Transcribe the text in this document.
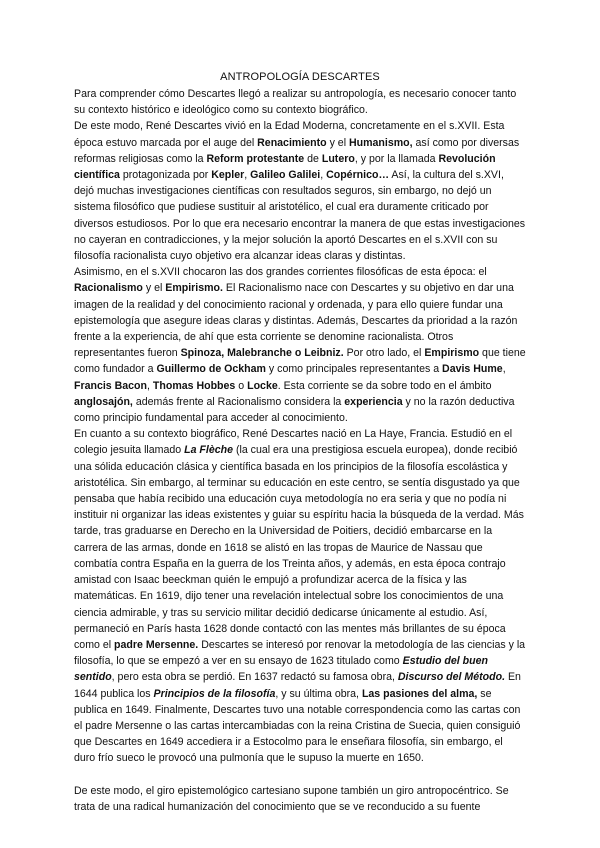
ANTROPOLOGÍA DESCARTES

Para comprender cómo Descartes llegó a realizar su antropología, es necesario conocer tanto su contexto histórico e ideológico como su contexto biográfico.

De este modo, René Descartes vivió en la Edad Moderna, concretamente en el s.XVII. Esta época estuvo marcada por el auge del Renacimiento y el Humanismo, así como por diversas reformas religiosas como la Reform protestante de Lutero, y por la llamada Revolución científica protagonizada por Kepler, Galileo Galilei, Copérnico… Así, la cultura del s.XVI, dejó muchas investigaciones científicas con resultados seguros, sin embargo, no dejó un sistema filosófico que pudiese sustituir al aristotélico, el cual era duramente criticado por diversos estudiosos. Por lo que era necesario encontrar la manera de que estas investigaciones no cayeran en contradicciones, y la mejor solución la aportó Descartes en el s.XVII con su filosofía racionalista cuyo objetivo era alcanzar ideas claras y distintas.

Asimismo, en el s.XVII chocaron las dos grandes corrientes filosóficas de esta época: el Racionalismo y el Empirismo. El Racionalismo nace con Descartes y su objetivo en dar una imagen de la realidad y del conocimiento racional y ordenada, y para ello quiere fundar una epistemología que asegure ideas claras y distintas. Además, Descartes da prioridad a la razón frente a la experiencia, de ahí que esta corriente se denomine racionalista. Otros representantes fueron Spinoza, Malebranche o Leibniz. Por otro lado, el Empirismo que tiene como fundador a Guillermo de Ockham y como principales representantes a Davis Hume, Francis Bacon, Thomas Hobbes o Locke. Esta corriente se da sobre todo en el ámbito anglosajón, además frente al Racionalismo considera la experiencia y no la razón deductiva como principio fundamental para acceder al conocimiento.

En cuanto a su contexto biográfico, René Descartes nació en La Haye, Francia. Estudió en el colegio jesuita llamado La Flèche (la cual era una prestigiosa escuela europea), donde recibió una sólida educación clásica y científica basada en los principios de la filosofía escolástica y aristotélica. Sin embargo, al terminar su educación en este centro, se sentía disgustado ya que pensaba que había recibido una educación cuya metodología no era seria y que no podía ni instituir ni organizar las ideas existentes y guiar su espíritu hacia la búsqueda de la verdad. Más tarde, tras graduarse en Derecho en la Universidad de Poitiers, decidió embarcarse en la carrera de las armas, donde en 1618 se alistó en las tropas de Maurice de Nassau que combatía contra España en la guerra de los Treinta años, y además, en esta época contrajo amistad con Isaac beeckman quién le empujó a profundizar acerca de la física y las matemáticas. En 1619, dijo tener una revelación intelectual sobre los conocimientos de una ciencia admirable, y tras su servicio militar decidió dedicarse únicamente al estudio. Así, permaneció en París hasta 1628 donde contactó con las mentes más brillantes de su época como el padre Mersenne. Descartes se interesó por renovar la metodología de las ciencias y la filosofía, lo que se empezó a ver en su ensayo de 1623 titulado como Estudio del buen sentido, pero esta obra se perdió. En 1637 redactó su famosa obra, Discurso del Método. En 1644 publica los Principios de la filosofía, y su última obra, Las pasiones del alma, se publica en 1649. Finalmente, Descartes tuvo una notable correspondencia como las cartas con el padre Mersenne o las cartas intercambiadas con la reina Cristina de Suecia, quien consiguió que Descartes en 1649 accediera ir a Estocolmo para le enseñara filosofía, sin embargo, el duro frío sueco le provocó una pulmonía que le supuso la muerte en 1650.

De este modo, el giro epistemológico cartesiano supone también un giro antropocéntrico. Se trata de una radical humanización del conocimiento que se ve reconducido a su fuente
